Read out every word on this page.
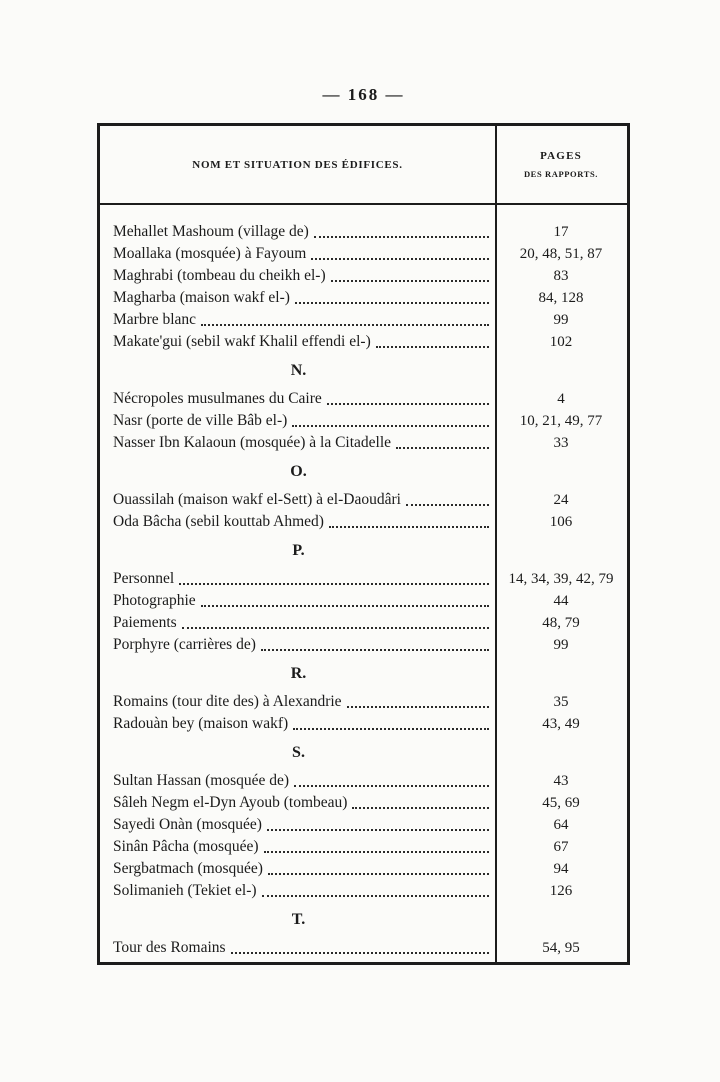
— 168 —
NOM ET SITUATION DES ÉDIFICES.
PAGES
DES RAPPORTS.
Mehallet Mashoum (village de)	17
Moallaka (mosquée) à Fayoum	20, 48, 51, 87
Maghrabi (tombeau du cheikh el-)	83
Magharba (maison wakf el-)	84, 128
Marbre blanc	99
Makate'gui (sebil wakf Khalil effendi el-)	102
N.
Nécropoles musulmanes du Caire	4
Nasr (porte de ville Bâb el-)	10, 21, 49, 77
Nasser Ibn Kalaoun (mosquée) à la Citadelle	33
O.
Ouassilah (maison wakf el-Sett) à el-Daoudâri	24
Oda Bâcha (sebil kouttab Ahmed)	106
P.
Personnel	14, 34, 39, 42, 79
Photographie	44
Paiements	48, 79
Porphyre (carrières de)	99
R.
Romains (tour dite des) à Alexandrie	35
Radouàn bey (maison wakf)	43, 49
S.
Sultan Hassan (mosquée de)	43
Sâleh Negm el-Dyn Ayoub (tombeau)	45, 69
Sayedi Onàn (mosquée)	64
Sinân Pâcha (mosquée)	67
Sergbatmach (mosquée)	94
Solimanieh (Tekiet el-)	126
T.
Tour des Romains	54, 95
